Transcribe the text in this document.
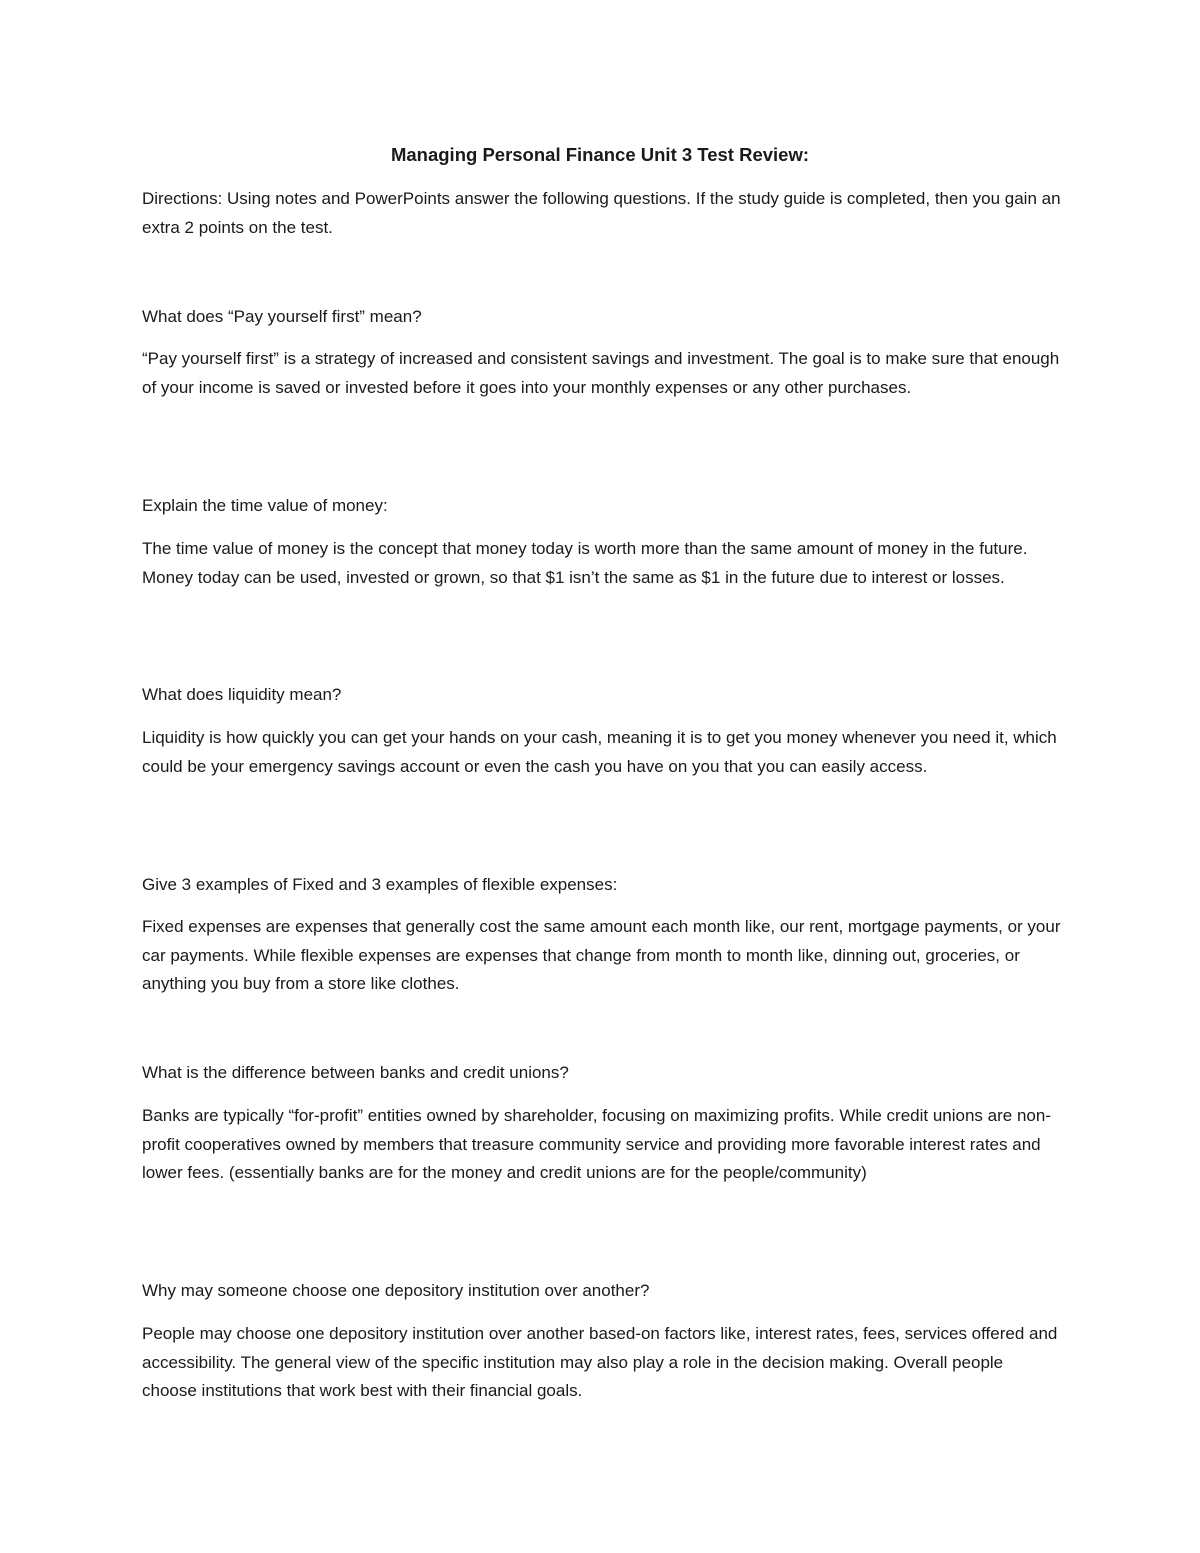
Managing Personal Finance Unit 3 Test Review:

Directions: Using notes and PowerPoints answer the following questions. If the study guide is completed, then you gain an extra 2 points on the test.

What does “Pay yourself first” mean?

“Pay yourself first” is a strategy of increased and consistent savings and investment. The goal is to make sure that enough of your income is saved or invested before it goes into your monthly expenses or any other purchases.

Explain the time value of money:

The time value of money is the concept that money today is worth more than the same amount of money in the future. Money today can be used, invested or grown, so that $1 isn’t the same as $1 in the future due to interest or losses.

What does liquidity mean?

Liquidity is how quickly you can get your hands on your cash, meaning it is to get you money whenever you need it, which could be your emergency savings account or even the cash you have on you that you can easily access.

Give 3 examples of Fixed and 3 examples of flexible expenses:

Fixed expenses are expenses that generally cost the same amount each month like, our rent, mortgage payments, or your car payments. While flexible expenses are expenses that change from month to month like, dinning out, groceries, or anything you buy from a store like clothes.

What is the difference between banks and credit unions?

Banks are typically “for-profit” entities owned by shareholder, focusing on maximizing profits. While credit unions are non-profit cooperatives owned by members that treasure community service and providing more favorable interest rates and lower fees. (essentially banks are for the money and credit unions are for the people/community)

Why may someone choose one depository institution over another?

People may choose one depository institution over another based-on factors like, interest rates, fees, services offered and accessibility. The general view of the specific institution may also play a role in the decision making. Overall people choose institutions that work best with their financial goals.
